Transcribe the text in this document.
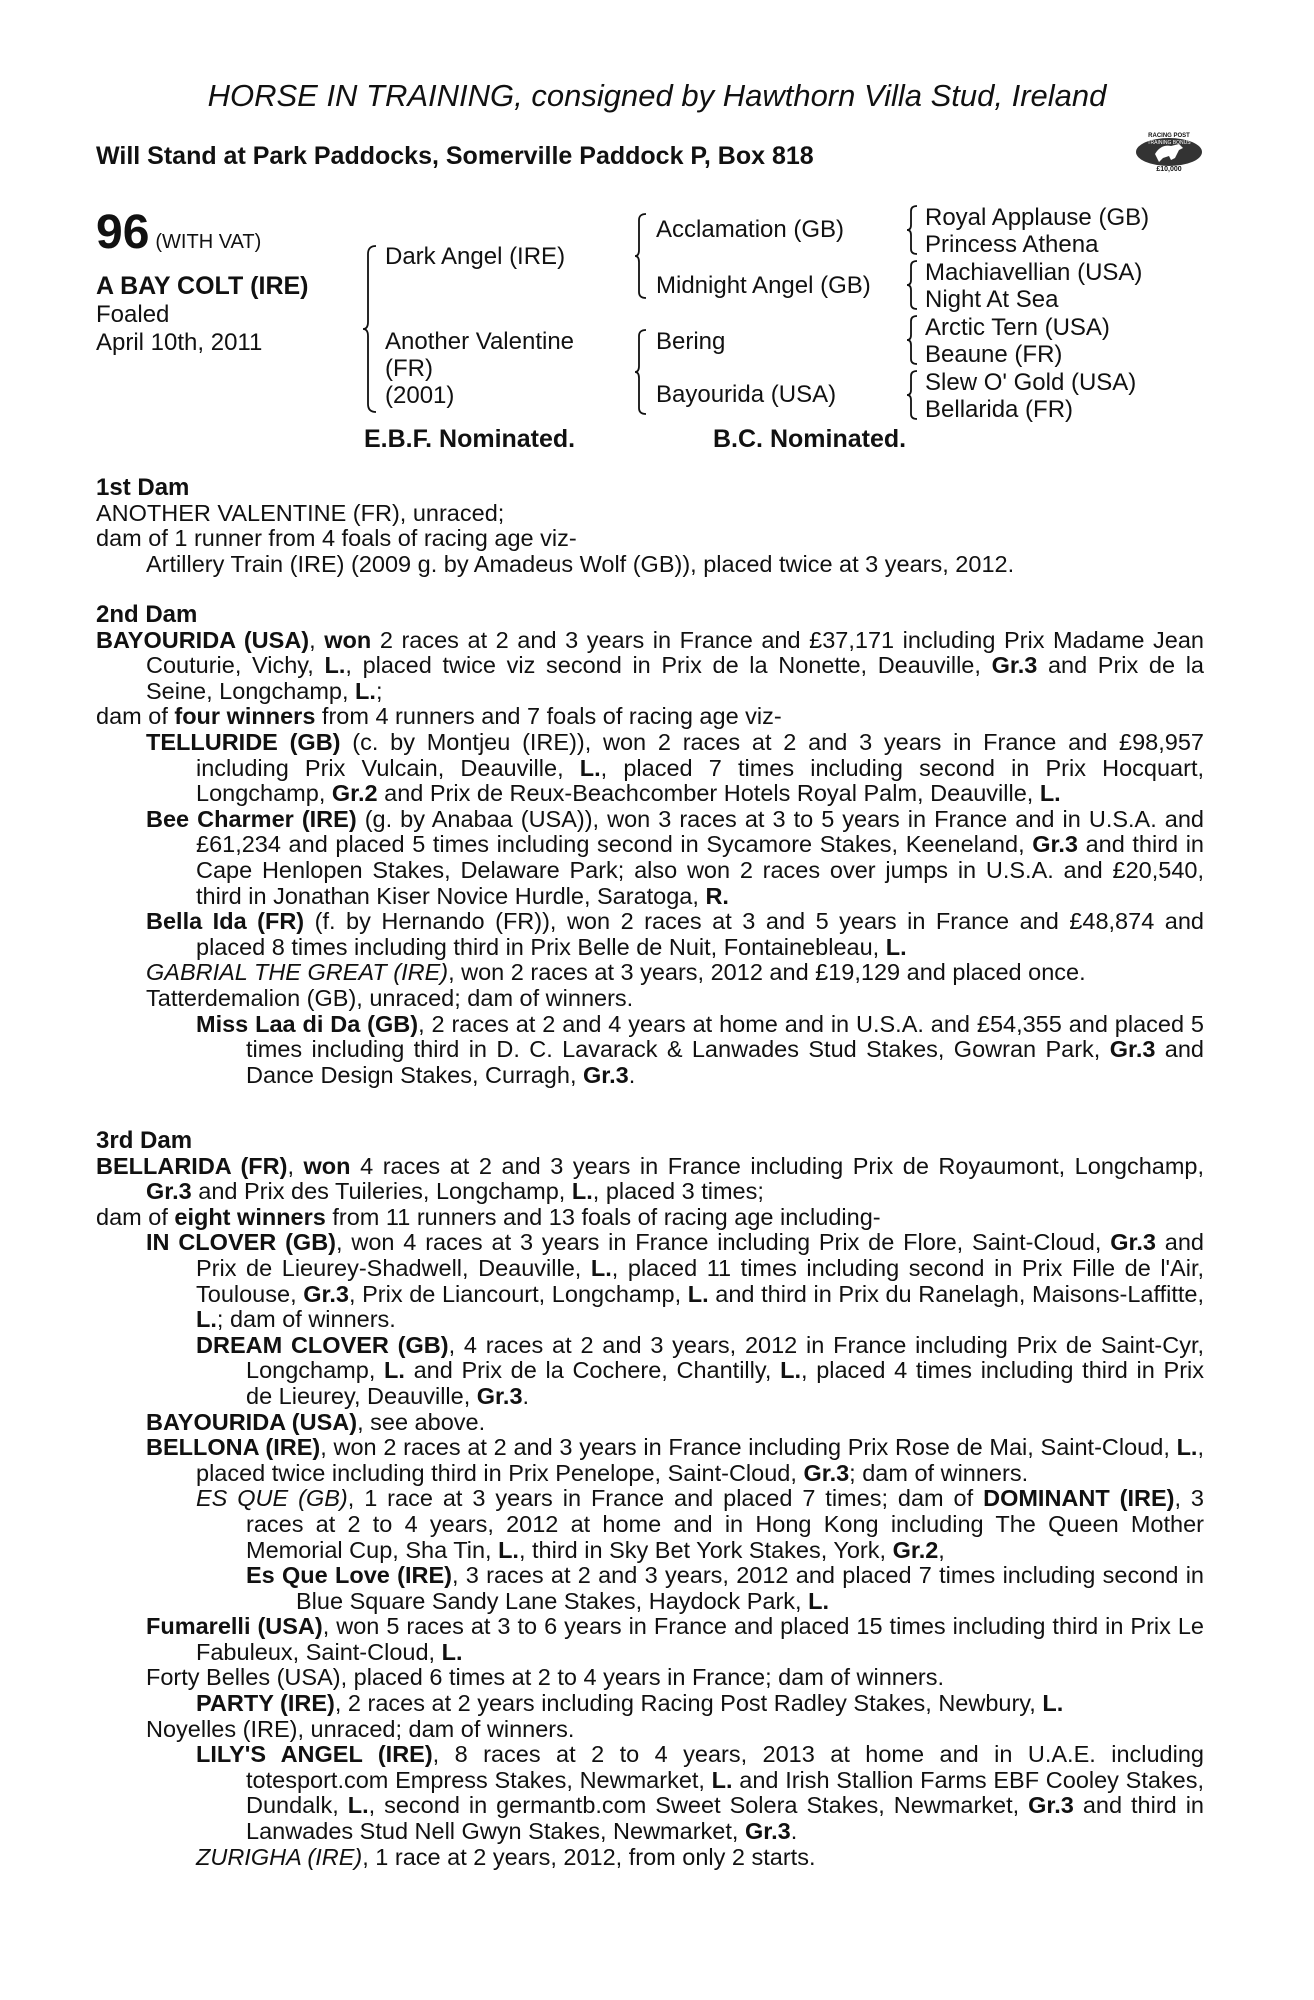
HORSE IN TRAINING, consigned by Hawthorn Villa Stud, Ireland
Will Stand at Park Paddocks, Somerville Paddock P, Box 818
RACING POST
TRAINING BONUS
£10,000
96 (WITH VAT)
A BAY COLT (IRE)
Foaled
April 10th, 2011
Dark Angel (IRE)
Another Valentine
(FR)
(2001)
Acclamation (GB)
Midnight Angel (GB)
Bering
Bayourida (USA)
Royal Applause (GB)
Princess Athena
Machiavellian (USA)
Night At Sea
Arctic Tern (USA)
Beaune (FR)
Slew O' Gold (USA)
Bellarida (FR)
E.B.F. Nominated.	B.C. Nominated.
1st Dam
ANOTHER VALENTINE (FR), unraced;
dam of 1 runner from 4 foals of racing age viz-
Artillery Train (IRE) (2009 g. by Amadeus Wolf (GB)), placed twice at 3 years, 2012.
2nd Dam
BAYOURIDA (USA), won 2 races at 2 and 3 years in France and £37,171 including Prix Madame Jean Couturie, Vichy, L., placed twice viz second in Prix de la Nonette, Deauville, Gr.3 and Prix de la Seine, Longchamp, L.;
dam of four winners from 4 runners and 7 foals of racing age viz-
TELLURIDE (GB) (c. by Montjeu (IRE)), won 2 races at 2 and 3 years in France and £98,957 including Prix Vulcain, Deauville, L., placed 7 times including second in Prix Hocquart, Longchamp, Gr.2 and Prix de Reux-Beachcomber Hotels Royal Palm, Deauville, L.
Bee Charmer (IRE) (g. by Anabaa (USA)), won 3 races at 3 to 5 years in France and in U.S.A. and £61,234 and placed 5 times including second in Sycamore Stakes, Keeneland, Gr.3 and third in Cape Henlopen Stakes, Delaware Park; also won 2 races over jumps in U.S.A. and £20,540, third in Jonathan Kiser Novice Hurdle, Saratoga, R.
Bella Ida (FR) (f. by Hernando (FR)), won 2 races at 3 and 5 years in France and £48,874 and placed 8 times including third in Prix Belle de Nuit, Fontainebleau, L.
GABRIAL THE GREAT (IRE), won 2 races at 3 years, 2012 and £19,129 and placed once.
Tatterdemalion (GB), unraced; dam of winners.
Miss Laa di Da (GB), 2 races at 2 and 4 years at home and in U.S.A. and £54,355 and placed 5 times including third in D. C. Lavarack & Lanwades Stud Stakes, Gowran Park, Gr.3 and Dance Design Stakes, Curragh, Gr.3.
3rd Dam
BELLARIDA (FR), won 4 races at 2 and 3 years in France including Prix de Royaumont, Longchamp, Gr.3 and Prix des Tuileries, Longchamp, L., placed 3 times;
dam of eight winners from 11 runners and 13 foals of racing age including-
IN CLOVER (GB), won 4 races at 3 years in France including Prix de Flore, Saint-Cloud, Gr.3 and Prix de Lieurey-Shadwell, Deauville, L., placed 11 times including second in Prix Fille de l'Air, Toulouse, Gr.3, Prix de Liancourt, Longchamp, L. and third in Prix du Ranelagh, Maisons-Laffitte, L.; dam of winners.
DREAM CLOVER (GB), 4 races at 2 and 3 years, 2012 in France including Prix de Saint-Cyr, Longchamp, L. and Prix de la Cochere, Chantilly, L., placed 4 times including third in Prix de Lieurey, Deauville, Gr.3.
BAYOURIDA (USA), see above.
BELLONA (IRE), won 2 races at 2 and 3 years in France including Prix Rose de Mai, Saint-Cloud, L., placed twice including third in Prix Penelope, Saint-Cloud, Gr.3; dam of winners.
ES QUE (GB), 1 race at 3 years in France and placed 7 times; dam of DOMINANT (IRE), 3 races at 2 to 4 years, 2012 at home and in Hong Kong including The Queen Mother Memorial Cup, Sha Tin, L., third in Sky Bet York Stakes, York, Gr.2,
Es Que Love (IRE), 3 races at 2 and 3 years, 2012 and placed 7 times including second in Blue Square Sandy Lane Stakes, Haydock Park, L.
Fumarelli (USA), won 5 races at 3 to 6 years in France and placed 15 times including third in Prix Le Fabuleux, Saint-Cloud, L.
Forty Belles (USA), placed 6 times at 2 to 4 years in France; dam of winners.
PARTY (IRE), 2 races at 2 years including Racing Post Radley Stakes, Newbury, L.
Noyelles (IRE), unraced; dam of winners.
LILY'S ANGEL (IRE), 8 races at 2 to 4 years, 2013 at home and in U.A.E. including totesport.com Empress Stakes, Newmarket, L. and Irish Stallion Farms EBF Cooley Stakes, Dundalk, L., second in germantb.com Sweet Solera Stakes, Newmarket, Gr.3 and third in Lanwades Stud Nell Gwyn Stakes, Newmarket, Gr.3.
ZURIGHA (IRE), 1 race at 2 years, 2012, from only 2 starts.
